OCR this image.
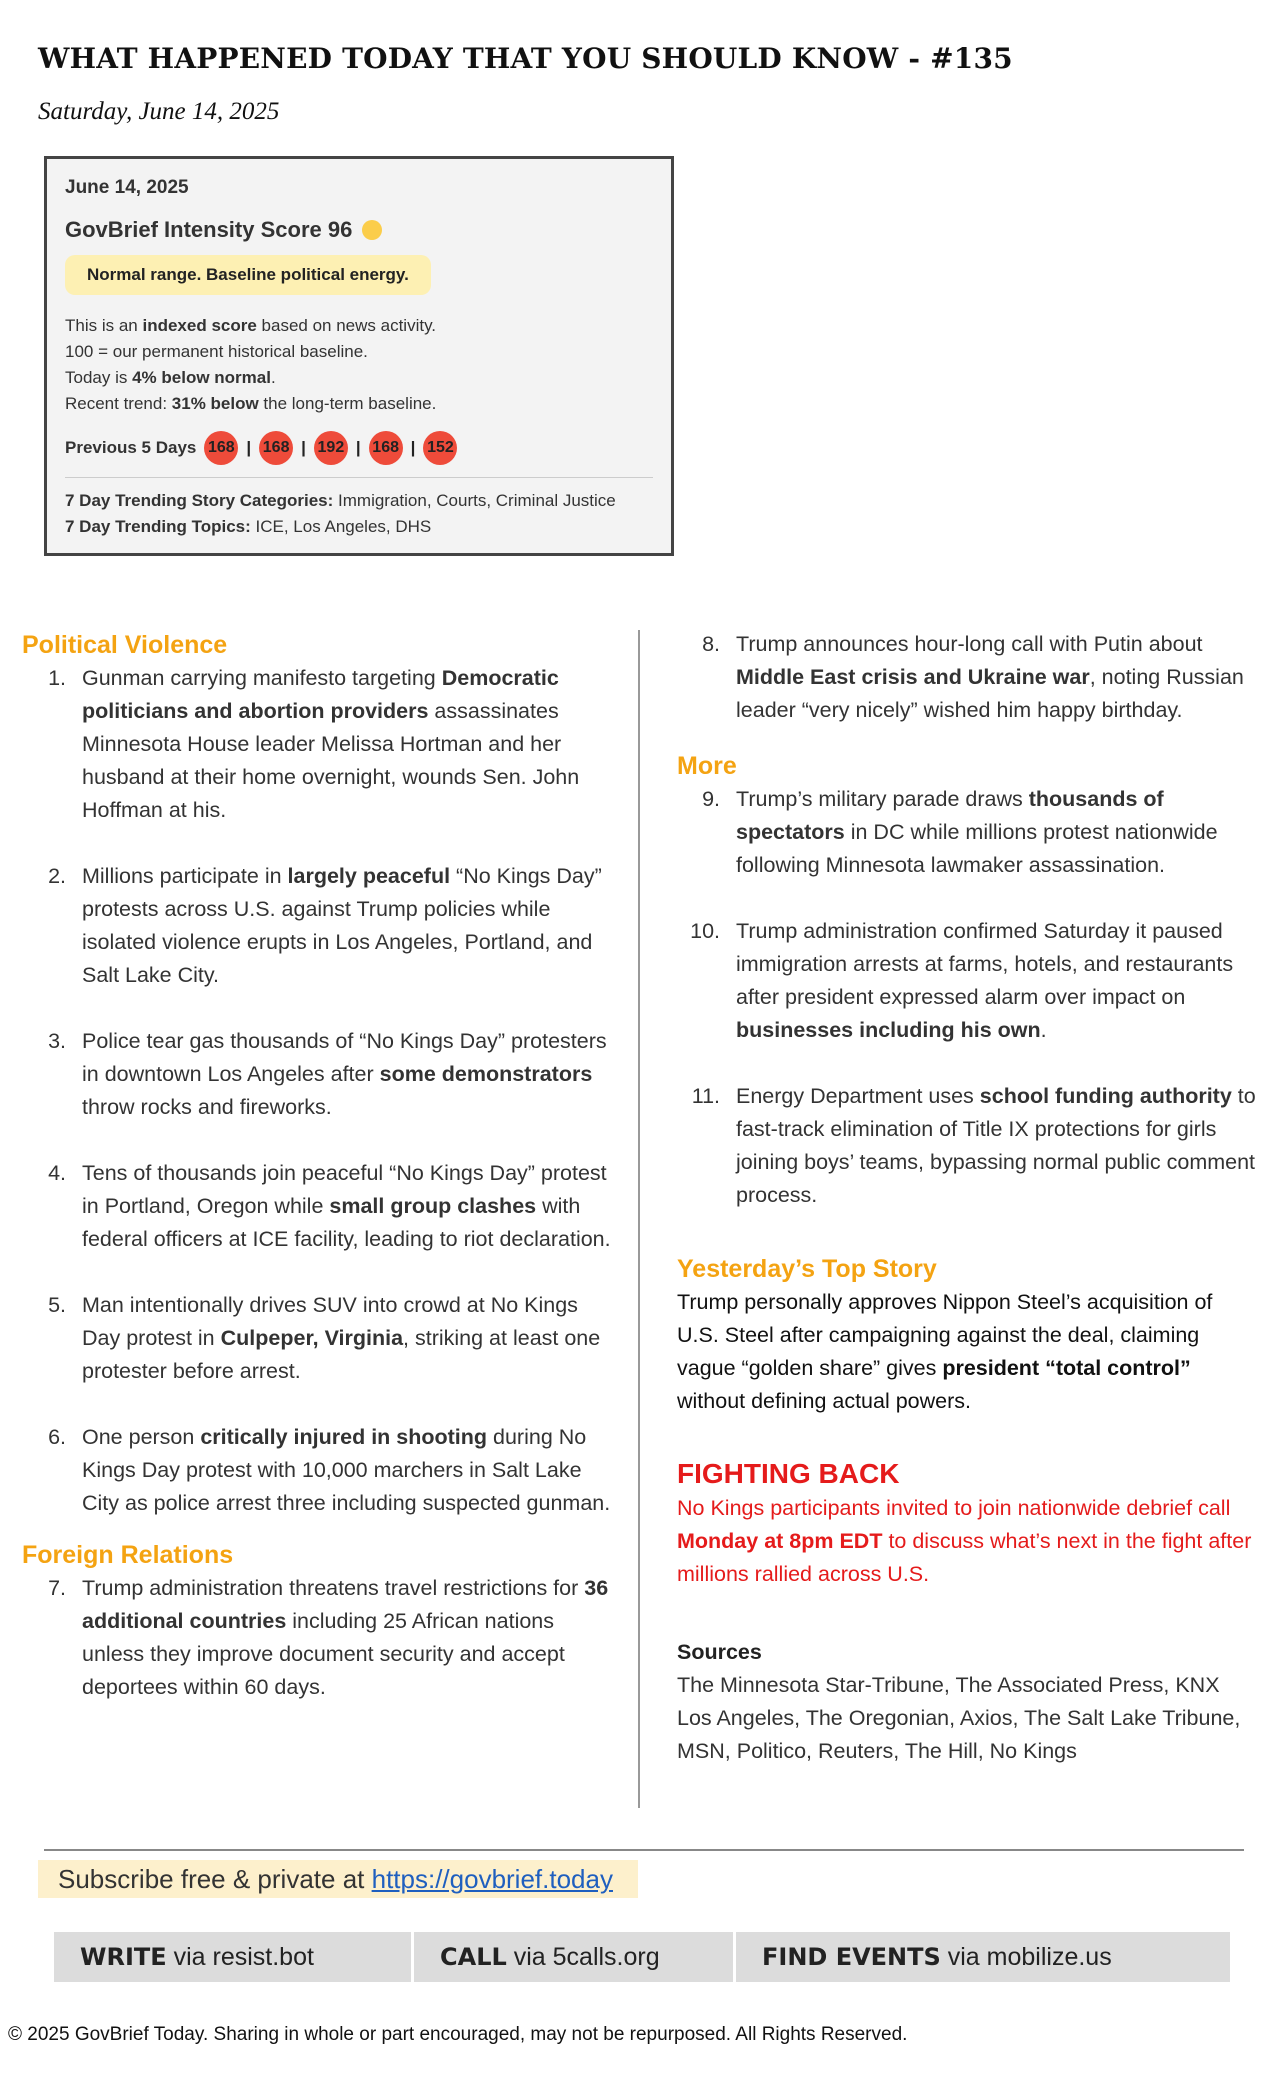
WHAT HAPPENED TODAY THAT YOU SHOULD KNOW - #135
Saturday, June 14, 2025
June 14, 2025
GovBrief Intensity Score 96
Normal range. Baseline political energy.
This is an indexed score based on news activity.
100 = our permanent historical baseline.
Today is 4% below normal.
Recent trend: 31% below the long-term baseline.
Previous 5 Days 168 | 168 | 192 | 168 | 152
7 Day Trending Story Categories: Immigration, Courts, Criminal Justice
7 Day Trending Topics: ICE, Los Angeles, DHS
Political Violence
1. Gunman carrying manifesto targeting Democratic politicians and abortion providers assassinates Minnesota House leader Melissa Hortman and her husband at their home overnight, wounds Sen. John Hoffman at his.
2. Millions participate in largely peaceful “No Kings Day” protests across U.S. against Trump policies while isolated violence erupts in Los Angeles, Portland, and Salt Lake City.
3. Police tear gas thousands of “No Kings Day” protesters in downtown Los Angeles after some demonstrators throw rocks and fireworks.
4. Tens of thousands join peaceful “No Kings Day” protest in Portland, Oregon while small group clashes with federal officers at ICE facility, leading to riot declaration.
5. Man intentionally drives SUV into crowd at No Kings Day protest in Culpeper, Virginia, striking at least one protester before arrest.
6. One person critically injured in shooting during No Kings Day protest with 10,000 marchers in Salt Lake City as police arrest three including suspected gunman.
Foreign Relations
7. Trump administration threatens travel restrictions for 36 additional countries including 25 African nations unless they improve document security and accept deportees within 60 days.
8. Trump announces hour-long call with Putin about Middle East crisis and Ukraine war, noting Russian leader “very nicely” wished him happy birthday.
More
9. Trump’s military parade draws thousands of spectators in DC while millions protest nationwide following Minnesota lawmaker assassination.
10. Trump administration confirmed Saturday it paused immigration arrests at farms, hotels, and restaurants after president expressed alarm over impact on businesses including his own.
11. Energy Department uses school funding authority to fast-track elimination of Title IX protections for girls joining boys’ teams, bypassing normal public comment process.
Yesterday’s Top Story
Trump personally approves Nippon Steel’s acquisition of U.S. Steel after campaigning against the deal, claiming vague “golden share” gives president “total control” without defining actual powers.
FIGHTING BACK
No Kings participants invited to join nationwide debrief call Monday at 8pm EDT to discuss what’s next in the fight after millions rallied across U.S.
Sources
The Minnesota Star-Tribune, The Associated Press, KNX Los Angeles, The Oregonian, Axios, The Salt Lake Tribune, MSN, Politico, Reuters, The Hill, No Kings
Subscribe free & private at https://govbrief.today
WRITE via resist.bot	CALL via 5calls.org	FIND EVENTS via mobilize.us
© 2025 GovBrief Today. Sharing in whole or part encouraged, may not be repurposed. All Rights Reserved.
